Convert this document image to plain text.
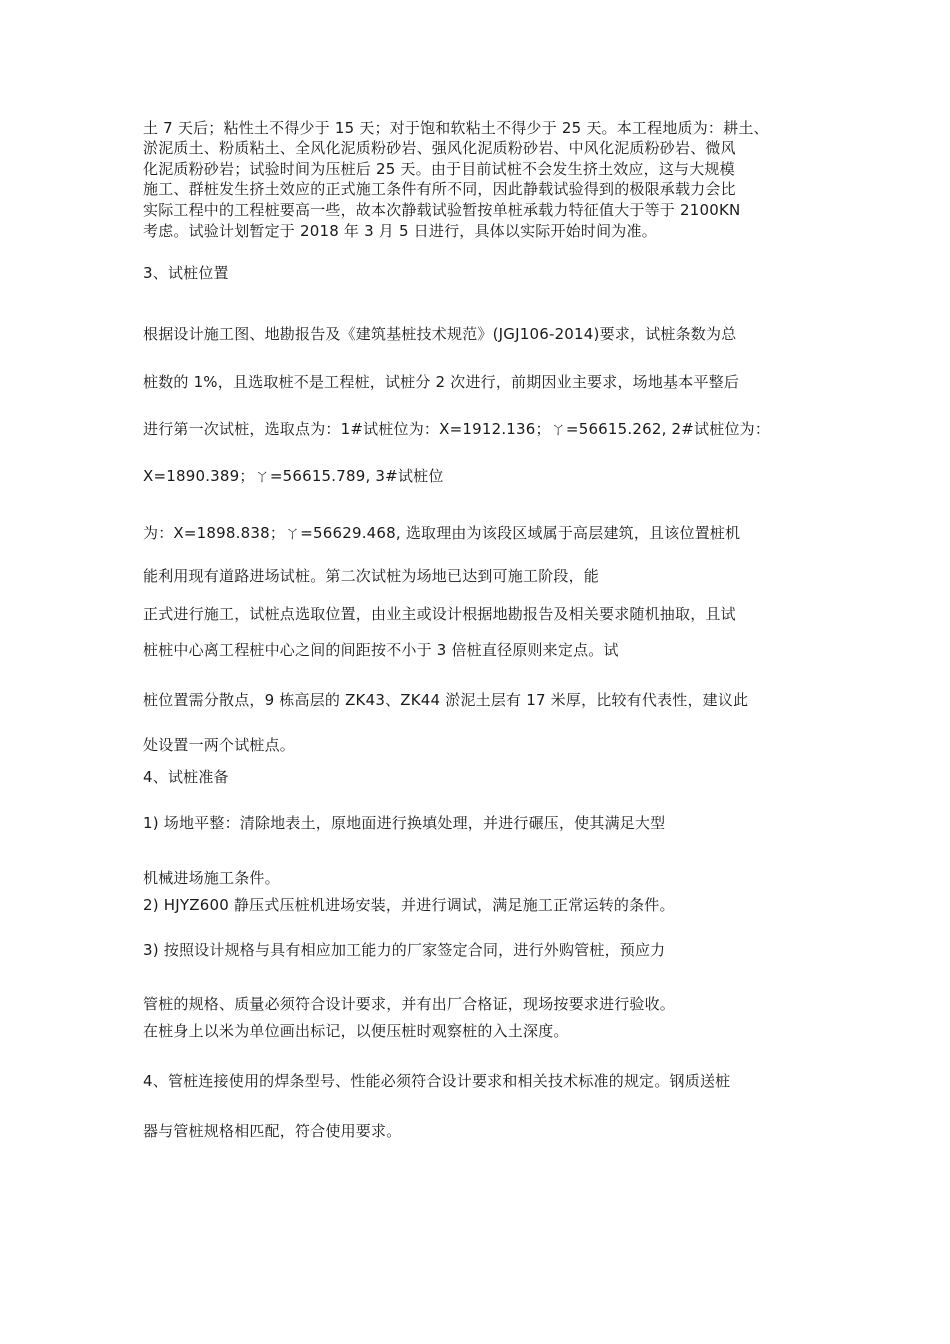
土 7 天后；粘性土不得少于 15 天；对于饱和软粘土不得少于 25 天。本工程地质为：耕土、
淤泥质土、粉质粘土、全风化泥质粉砂岩、强风化泥质粉砂岩、中风化泥质粉砂岩、微风
化泥质粉砂岩；试验时间为压桩后 25 天。由于目前试桩不会发生挤土效应，这与大规模
施工、群桩发生挤土效应的正式施工条件有所不同，因此静载试验得到的极限承载力会比
实际工程中的工程桩要高一些，故本次静载试验暂按单桩承载力特征值大于等于 2100KN
考虑。试验计划暂定于 2018 年 3 月 5 日进行，具体以实际开始时间为准。
3、试桩位置
根据设计施工图、地勘报告及《建筑基桩技术规范》(JGJ106-2014)要求，试桩条数为总
桩数的 1%，且选取桩不是工程桩，试桩分 2 次进行，前期因业主要求，场地基本平整后
进行第一次试桩，选取点为：1#试桩位为：X=1912.136；ㄚ=56615.262, 2#试桩位为：
X=1890.389；ㄚ=56615.789, 3#试桩位
为：X=1898.838；ㄚ=56629.468, 选取理由为该段区域属于高层建筑，且该位置桩机
能利用现有道路进场试桩。第二次试桩为场地已达到可施工阶段，能
正式进行施工，试桩点选取位置，由业主或设计根据地勘报告及相关要求随机抽取，且试
桩桩中心离工程桩中心之间的间距按不小于 3 倍桩直径原则来定点。试
桩位置需分散点，9 栋高层的 ZK43、ZK44 淤泥土层有 17 米厚，比较有代表性，建议此
处设置一两个试桩点。
4、试桩准备
1) 场地平整：清除地表土，原地面进行换填处理，并进行碾压，使其满足大型
机械进场施工条件。
2) HJYZ600 静压式压桩机进场安装，并进行调试，满足施工正常运转的条件。
3) 按照设计规格与具有相应加工能力的厂家签定合同，进行外购管桩，预应力
管桩的规格、质量必须符合设计要求，并有出厂合格证，现场按要求进行验收。
在桩身上以米为单位画出标记，以便压桩时观察桩的入土深度。
4、管桩连接使用的焊条型号、性能必须符合设计要求和相关技术标准的规定。钢质送桩
器与管桩规格相匹配，符合使用要求。
